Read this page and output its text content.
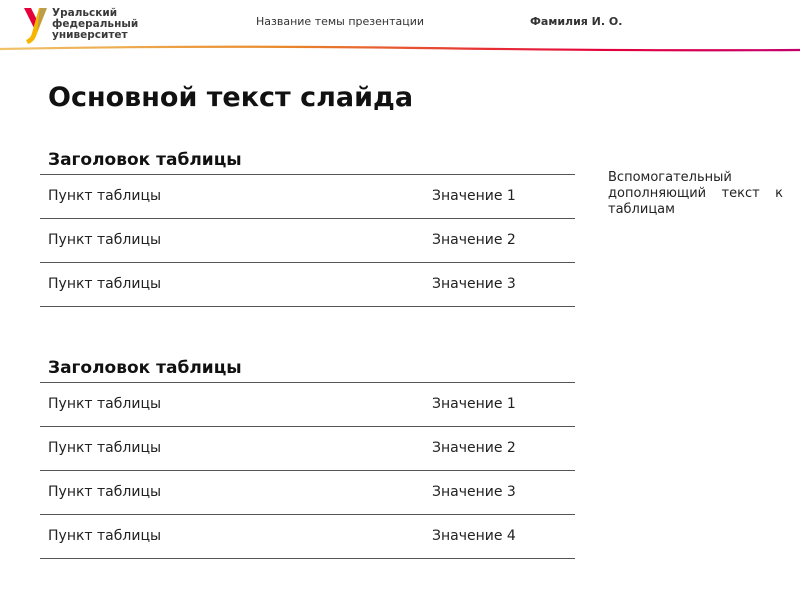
Уральский
федеральный
университет
Название темы презентации	Фамилия И. О.
Основной текст слайда
Заголовок таблицы
Пункт таблицы	Значение 1
Пункт таблицы	Значение 2
Пункт таблицы	Значение 3
Заголовок таблицы
Пункт таблицы	Значение 1
Пункт таблицы	Значение 2
Пункт таблицы	Значение 3
Пункт таблицы	Значение 4
Вспомогательный дополняющий текст к таблицам
